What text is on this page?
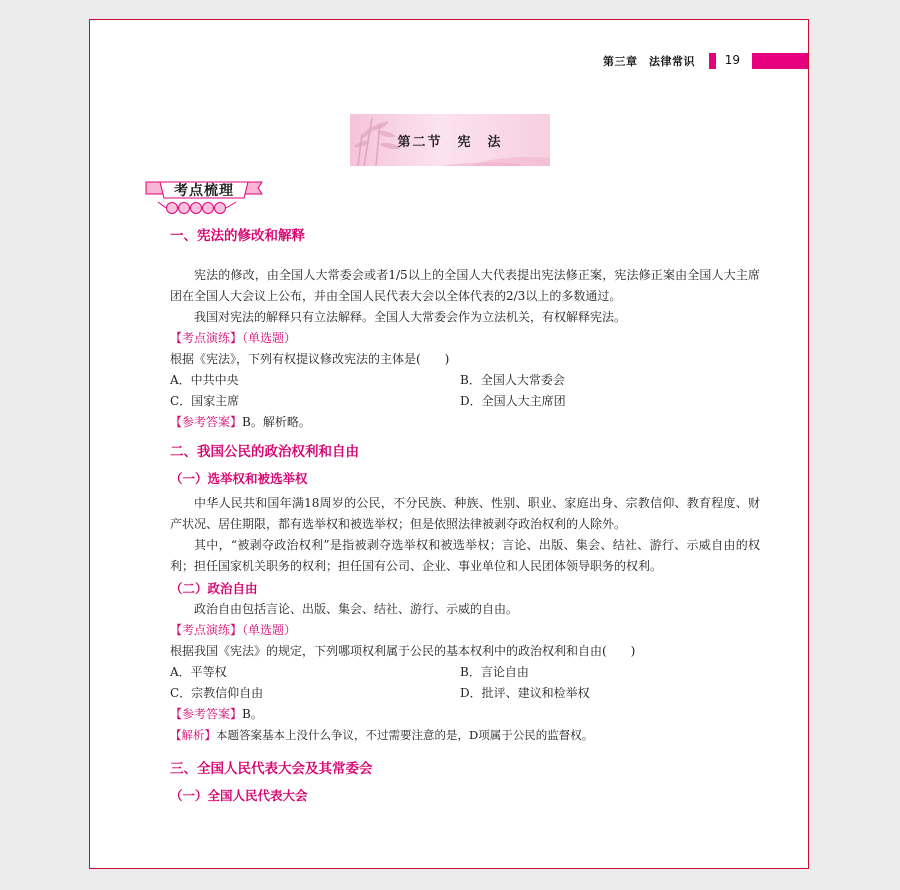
第三章　法律常识 19
第二节　宪　法
考点梳理

一、宪法的修改和解释

宪法的修改，由全国人大常委会或者1/5以上的全国人大代表提出宪法修正案，宪法修正案由全国人大主席团在全国人大会议上公布，并由全国人民代表大会以全体代表的2/3以上的多数通过。

我国对宪法的解释只有立法解释。全国人大常委会作为立法机关，有权解释宪法。

【考点演练】（单选题）

根据《宪法》，下列有权提议修改宪法的主体是(　　)

A．中共中央	B．全国人大常委会
C．国家主席	D．全国人大主席团

【参考答案】B。解析略。

二、我国公民的政治权利和自由

（一）选举权和被选举权

中华人民共和国年满18周岁的公民，不分民族、种族、性别、职业、家庭出身、宗教信仰、教育程度、财产状况、居住期限，都有选举权和被选举权；但是依照法律被剥夺政治权利的人除外。

其中，“被剥夺政治权利”是指被剥夺选举权和被选举权；言论、出版、集会、结社、游行、示威自由的权利；担任国家机关职务的权利；担任国有公司、企业、事业单位和人民团体领导职务的权利。

（二）政治自由

政治自由包括言论、出版、集会、结社、游行、示威的自由。

【考点演练】（单选题）

根据我国《宪法》的规定，下列哪项权利属于公民的基本权利中的政治权利和自由(　　)

A．平等权	B．言论自由
C．宗教信仰自由	D．批评、建议和检举权

【参考答案】B。

【解析】本题答案基本上没什么争议，不过需要注意的是，D项属于公民的监督权。

三、全国人民代表大会及其常委会

（一）全国人民代表大会
